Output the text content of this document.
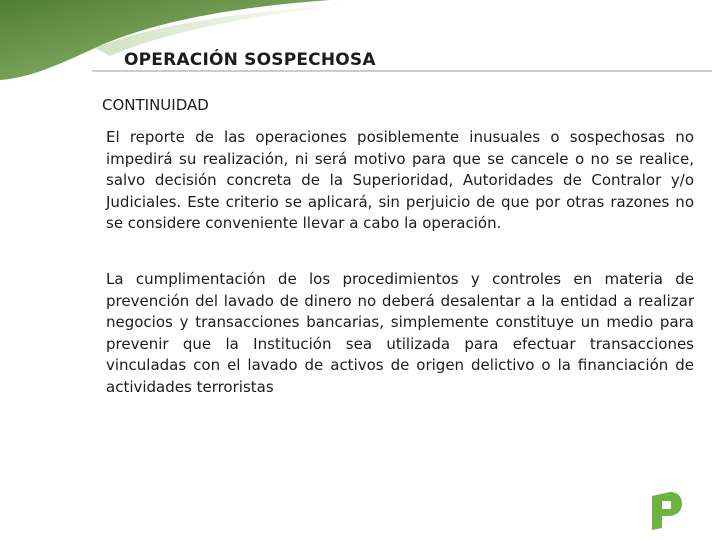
OPERACIÓN SOSPECHOSA
CONTINUIDAD
El reporte de las operaciones posiblemente inusuales o sospechosas no impedirá su realización, ni será motivo para que se cancele o no se realice, salvo decisión concreta de la Superioridad, Autoridades de Contralor y/o Judiciales. Este criterio se aplicará, sin perjuicio de que por otras razones no se considere conveniente llevar a cabo la operación.
La cumplimentación de los procedimientos y controles en materia de prevención del lavado de dinero no deberá desalentar a la entidad a realizar negocios y transacciones bancarias, simplemente constituye un medio para prevenir que la Institución sea utilizada para efectuar transacciones vinculadas con el lavado de activos de origen delictivo o la financiación de actividades terroristas
